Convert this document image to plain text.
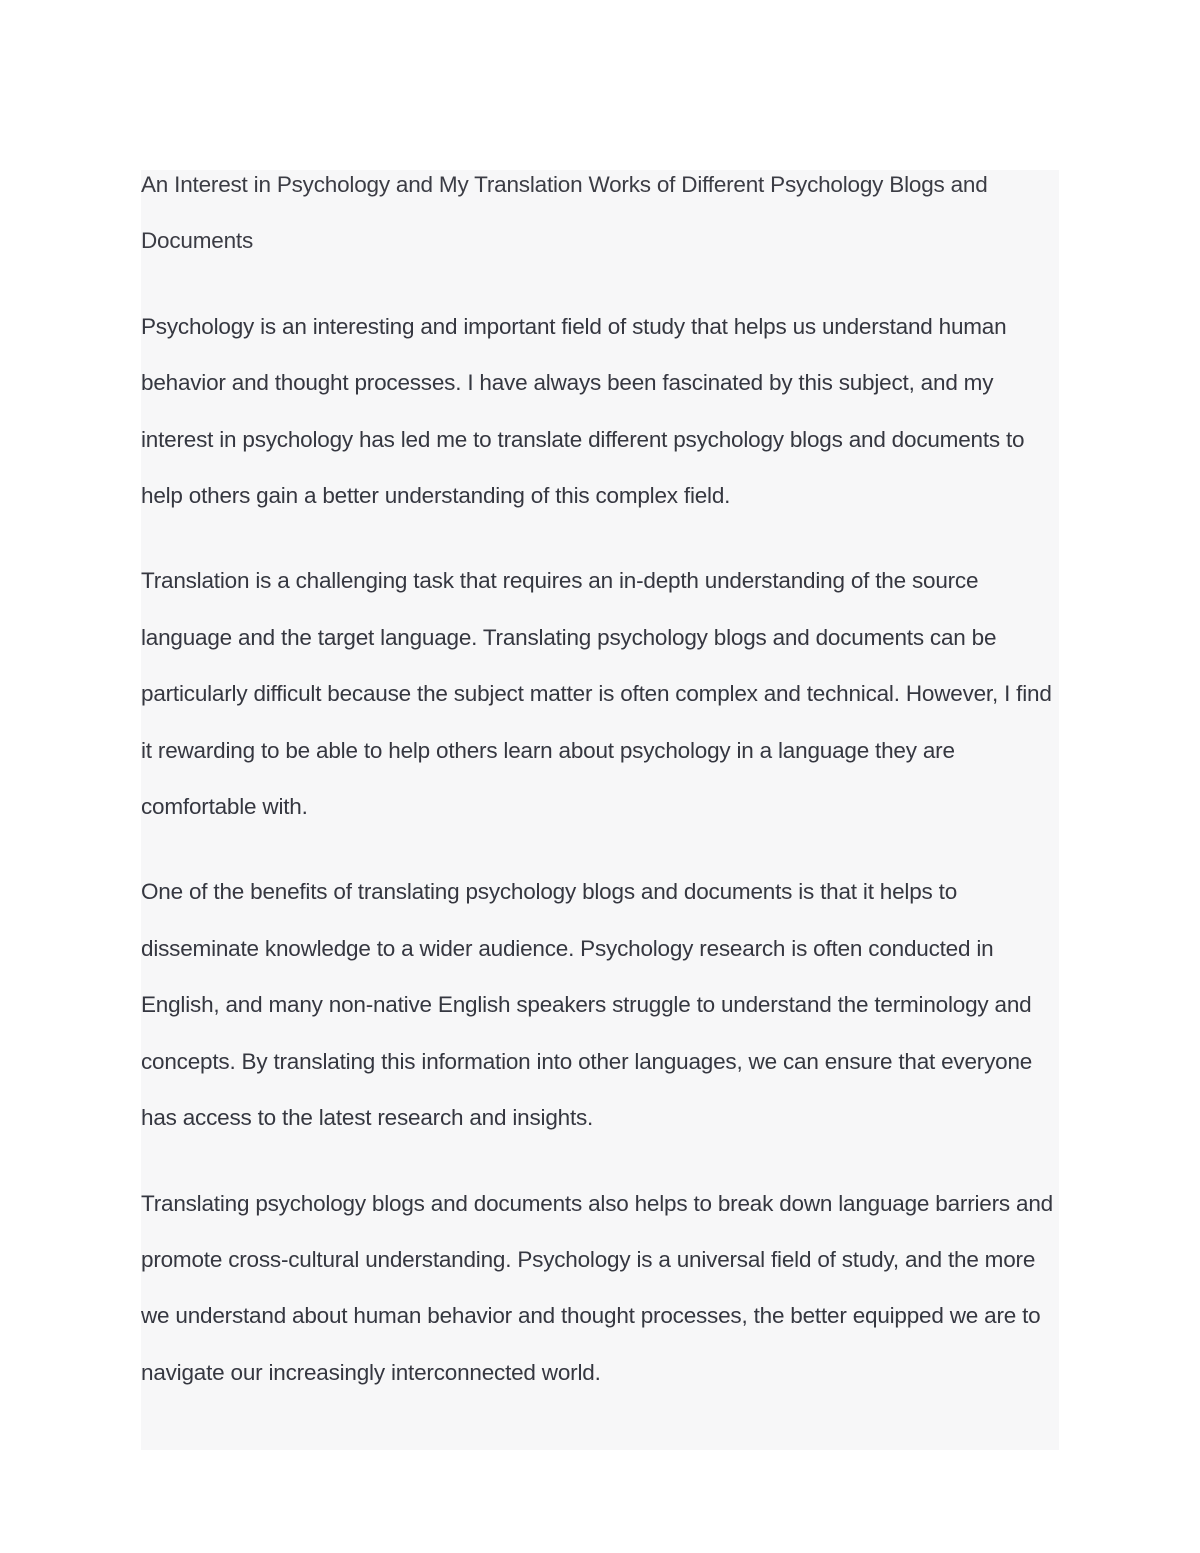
An Interest in Psychology and My Translation Works of Different Psychology Blogs and Documents

Psychology is an interesting and important field of study that helps us understand human behavior and thought processes. I have always been fascinated by this subject, and my interest in psychology has led me to translate different psychology blogs and documents to help others gain a better understanding of this complex field.

Translation is a challenging task that requires an in-depth understanding of the source language and the target language. Translating psychology blogs and documents can be particularly difficult because the subject matter is often complex and technical. However, I find it rewarding to be able to help others learn about psychology in a language they are comfortable with.

One of the benefits of translating psychology blogs and documents is that it helps to disseminate knowledge to a wider audience. Psychology research is often conducted in English, and many non-native English speakers struggle to understand the terminology and concepts. By translating this information into other languages, we can ensure that everyone has access to the latest research and insights.

Translating psychology blogs and documents also helps to break down language barriers and promote cross-cultural understanding. Psychology is a universal field of study, and the more we understand about human behavior and thought processes, the better equipped we are to navigate our increasingly interconnected world.
